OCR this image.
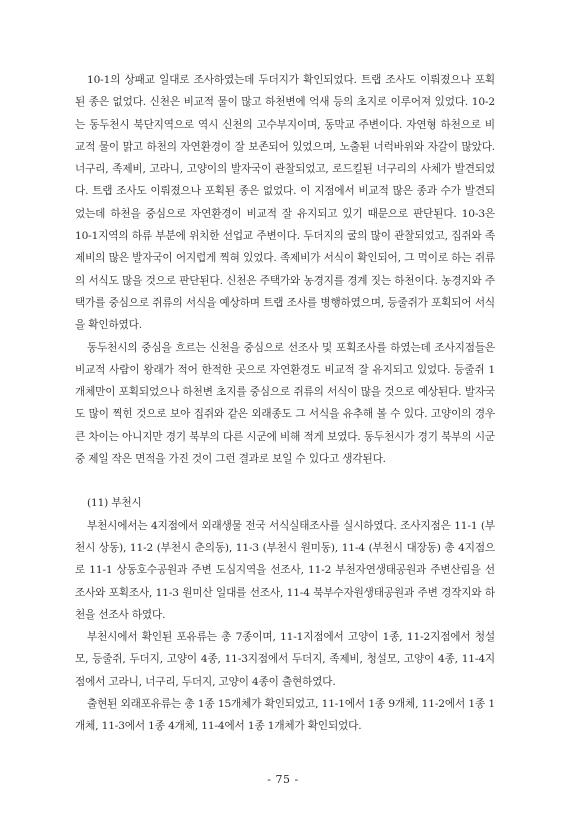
10-1의 상패교 일대로 조사하였는데 두더지가 확인되었다. 트랩 조사도 이뤄졌으나 포획된 종은 없었다. 신천은 비교적 물이 많고 하천변에 억새 등의 초지로 이루어져 있었다. 10-2는 동두천시 북단지역으로 역시 신천의 고수부지이며, 동막교 주변이다. 자연형 하천으로 비교적 물이 맑고 하천의 자연환경이 잘 보존되어 있었으며, 노출된 너럭바위와 자갈이 많았다. 너구리, 족제비, 고라니, 고양이의 발자국이 관찰되었고, 로드킬된 너구리의 사체가 발견되었다. 트랩 조사도 이뤄졌으나 포획된 종은 없었다. 이 지점에서 비교적 많은 종과 수가 발견되었는데 하천을 중심으로 자연환경이 비교적 잘 유지되고 있기 때문으로 판단된다. 10-3은 10-1지역의 하류 부분에 위치한 선업교 주변이다. 두더지의 굴의 많이 관찰되었고, 집쥐와 족제비의 많은 발자국이 어지럽게 찍혀 있었다. 족제비가 서식이 확인되어, 그 먹이로 하는 쥐류의 서식도 많을 것으로 판단된다. 신천은 주택가와 농경지를 경계 짓는 하천이다. 농경지와 주택가를 중심으로 쥐류의 서식을 예상하며 트랩 조사를 병행하였으며, 등줄쥐가 포획되어 서식을 확인하였다.

동두천시의 중심을 흐르는 신천을 중심으로 선조사 및 포획조사를 하였는데 조사지점들은 비교적 사람이 왕래가 적어 한적한 곳으로 자연환경도 비교적 잘 유지되고 있었다. 등줄쥐 1개체만이 포획되었으나 하천변 초지를 중심으로 쥐류의 서식이 많을 것으로 예상된다. 발자국도 많이 찍힌 것으로 보아 집쥐와 같은 외래종도 그 서식을 유추해 볼 수 있다. 고양이의 경우 큰 차이는 아니지만 경기 북부의 다른 시군에 비해 적게 보였다. 동두천시가 경기 북부의 시군 중 제일 작은 면적을 가진 것이 그런 결과로 보일 수 있다고 생각된다.

(11) 부천시

부천시에서는 4지점에서 외래생물 전국 서식실태조사를 실시하였다. 조사지점은 11-1 (부천시 상동), 11-2 (부천시 춘의동), 11-3 (부천시 원미동), 11-4 (부천시 대장동) 총 4지점으로 11-1 상동호수공원과 주변 도심지역을 선조사, 11-2 부천자연생태공원과 주변산림을 선조사와 포획조사, 11-3 원미산 일대를 선조사, 11-4 북부수자원생태공원과 주변 경작지와 하천을 선조사 하였다.

부천시에서 확인된 포유류는 총 7종이며, 11-1지점에서 고양이 1종, 11-2지점에서 청설모, 등줄쥐, 두더지, 고양이 4종, 11-3지점에서 두더지, 족제비, 청설모, 고양이 4종, 11-4지점에서 고라니, 너구리, 두더지, 고양이 4종이 출현하였다.

출현된 외래포유류는 총 1종 15개체가 확인되었고, 11-1에서 1종 9개체, 11-2에서 1종 1개체, 11-3에서 1종 4개체, 11-4에서 1종 1개체가 확인되었다.

- 75 -
